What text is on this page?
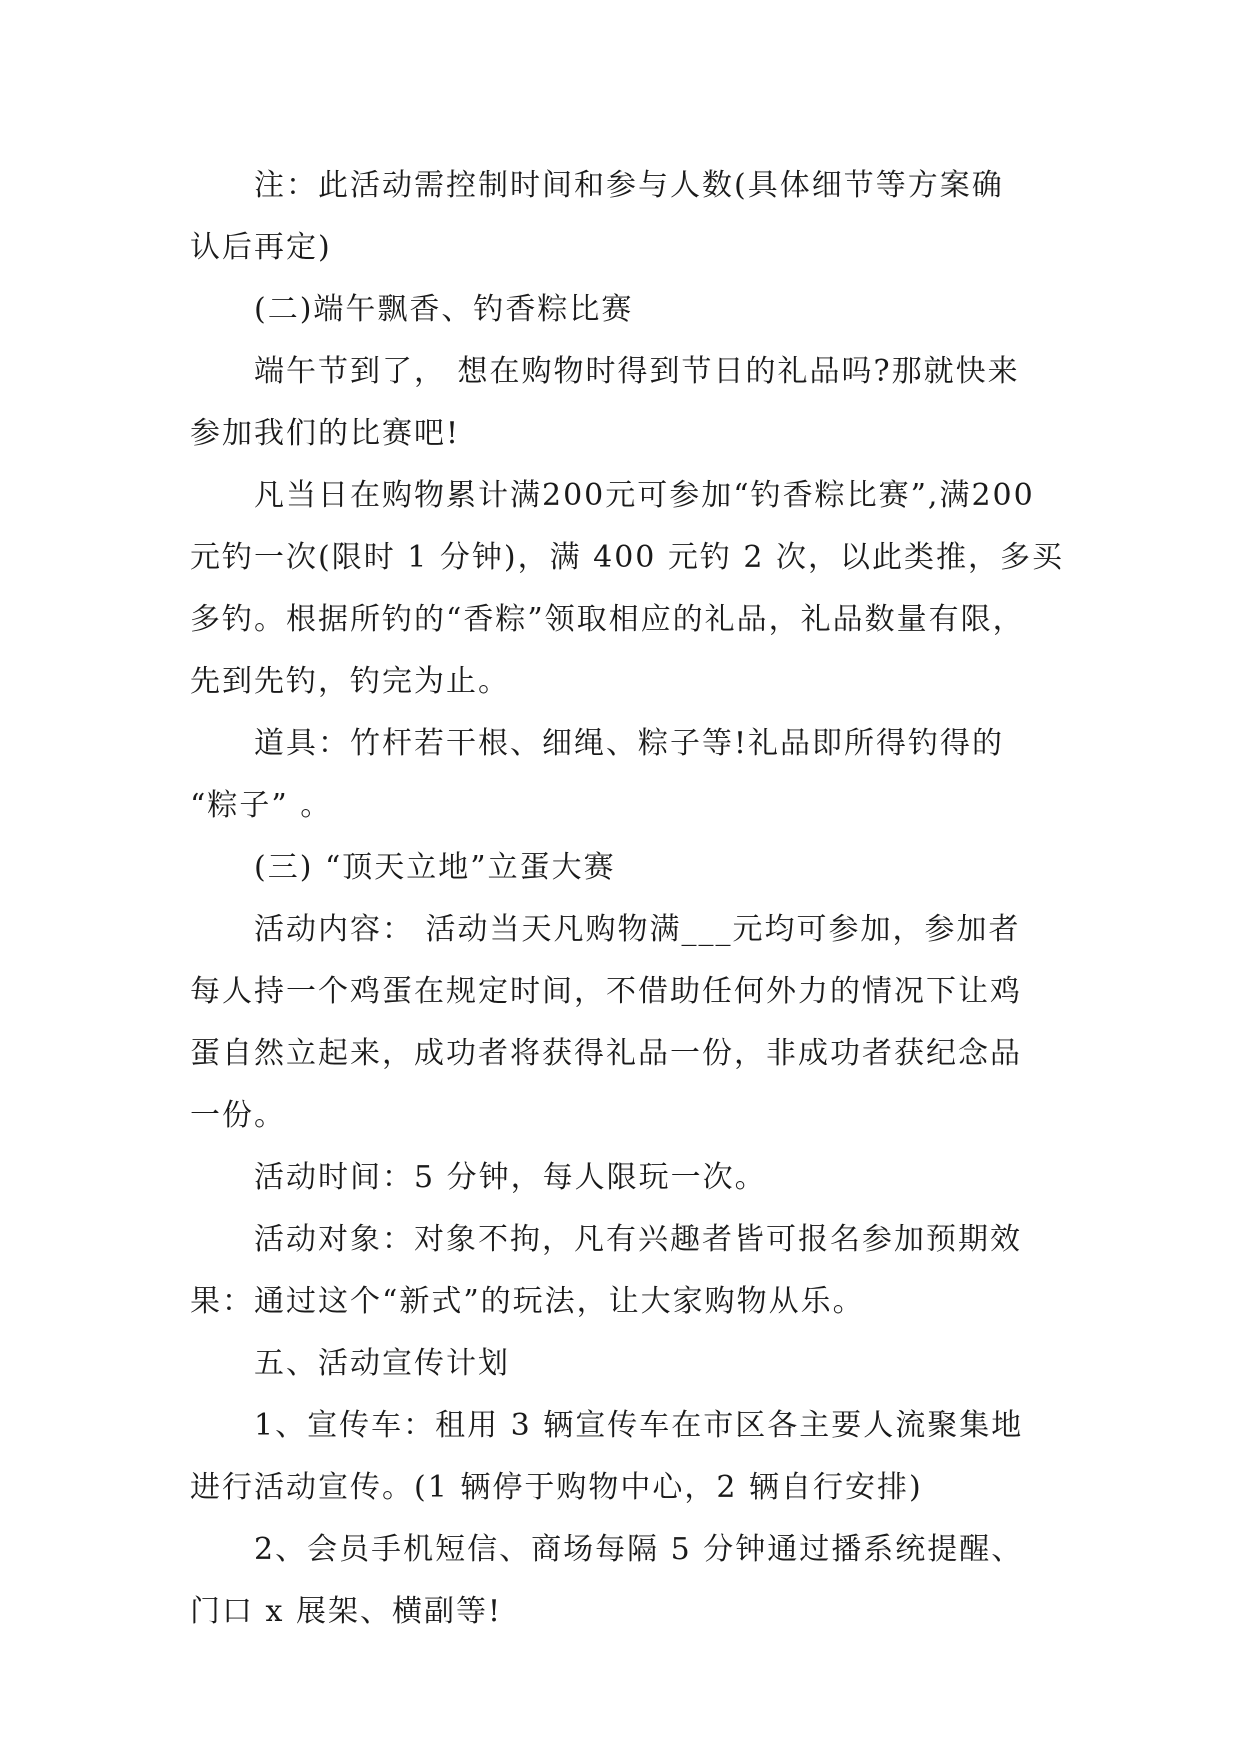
注：此活动需控制时间和参与人数(具体细节等方案确
认后再定)
(二)端午飘香、钓香粽比赛
端午节到了， 想在购物时得到节日的礼品吗?那就快来
参加我们的比赛吧!
凡当日在购物累计满200元可参加“钓香粽比赛”,满200
元钓一次(限时 1 分钟)，满 400 元钓 2 次，以此类推，多买
多钓。根据所钓的“香粽”领取相应的礼品，礼品数量有限，
先到先钓，钓完为止。
道具：竹杆若干根、细绳、粽子等!礼品即所得钓得的
“粽子” 。
(三) “顶天立地”立蛋大赛
活动内容： 活动当天凡购物满___元均可参加，参加者
每人持一个鸡蛋在规定时间，不借助任何外力的情况下让鸡
蛋自然立起来，成功者将获得礼品一份，非成功者获纪念品
一份。
活动时间：5 分钟，每人限玩一次。
活动对象：对象不拘，凡有兴趣者皆可报名参加预期效
果：通过这个“新式”的玩法，让大家购物从乐。
五、活动宣传计划
1、宣传车：租用 3 辆宣传车在市区各主要人流聚集地
进行活动宣传。(1 辆停于购物中心，2 辆自行安排)
2、会员手机短信、商场每隔 5 分钟通过播系统提醒、
门口 x 展架、横副等!
